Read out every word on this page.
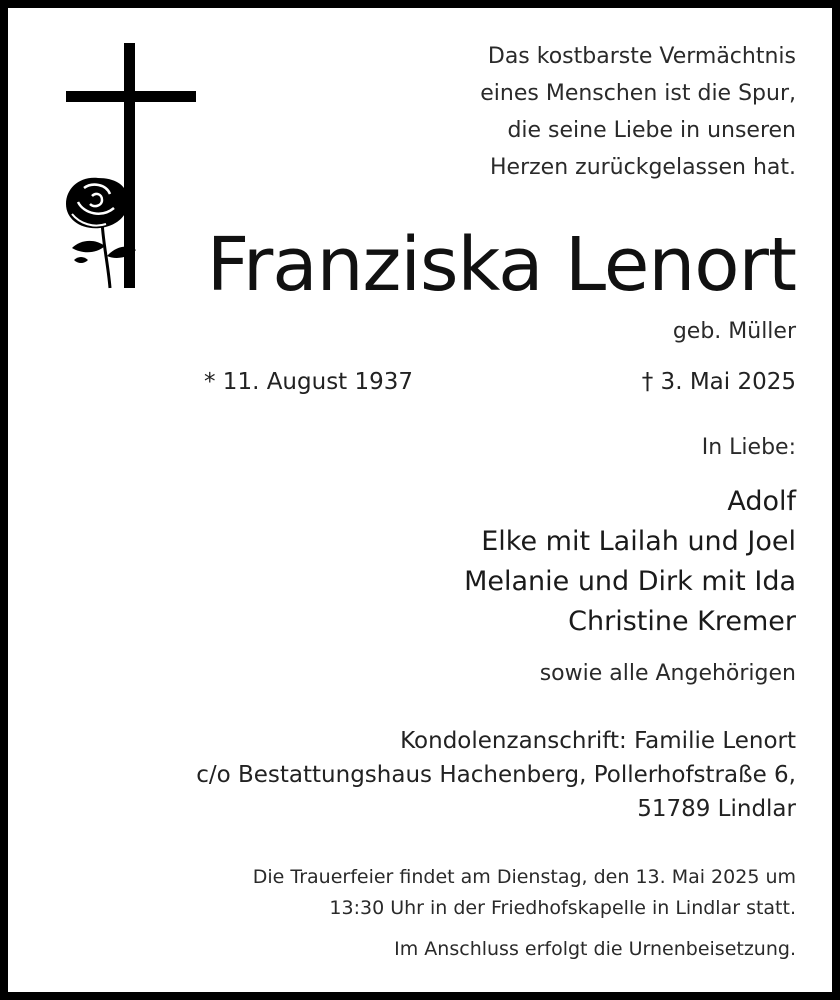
Das kostbarste Vermächtnis
eines Menschen ist die Spur,
die seine Liebe in unseren
Herzen zurückgelassen hat.
Franziska Lenort
geb. Müller
* 11. August 1937	† 3. Mai 2025
In Liebe:
Adolf
Elke mit Lailah und Joel
Melanie und Dirk mit Ida
Christine Kremer
sowie alle Angehörigen
Kondolenzanschrift: Familie Lenort
c/o Bestattungshaus Hachenberg, Pollerhofstraße 6,
51789 Lindlar
Die Trauerfeier findet am Dienstag, den 13. Mai 2025 um
13:30 Uhr in der Friedhofskapelle in Lindlar statt.
Im Anschluss erfolgt die Urnenbeisetzung.
